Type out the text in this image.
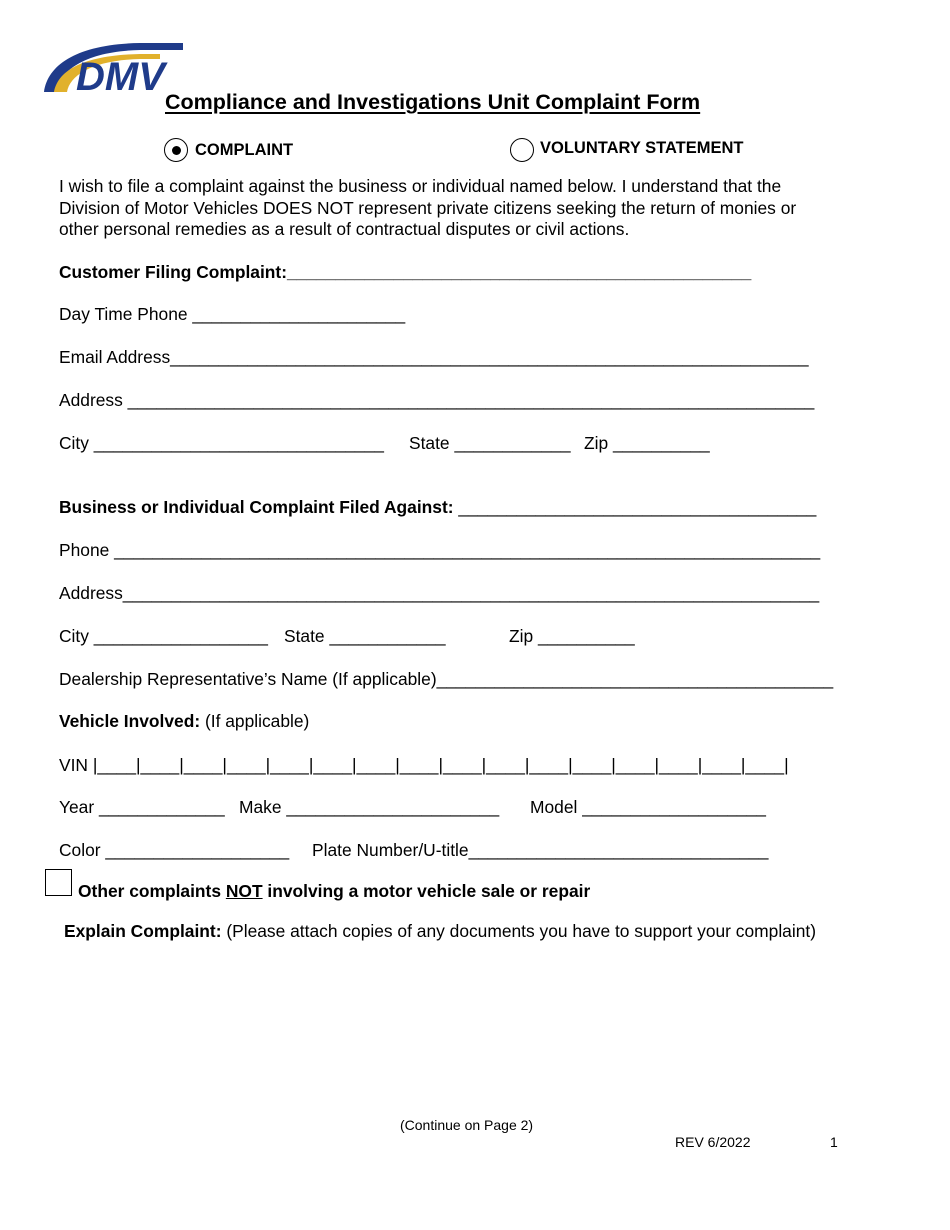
DMV
Compliance and Investigations Unit Complaint Form
COMPLAINT	VOLUNTARY STATEMENT
I wish to file a complaint against the business or individual named below. I understand that the
Division of Motor Vehicles DOES NOT represent private citizens seeking the return of monies or
other personal remedies as a result of contractual disputes or civil actions.
Customer Filing Complaint:________________________________________________
Day Time Phone ______________________
Email Address__________________________________________________________________
Address _______________________________________________________________________
City ______________________________ State ____________ Zip __________
Business or Individual Complaint Filed Against: _____________________________________
Phone _________________________________________________________________________
Address________________________________________________________________________
City __________________ State ____________	Zip __________
Dealership Representative’s Name (If applicable)_________________________________________
Vehicle Involved: (If applicable)
VIN |____|____|____|____|____|____|____|____|____|____|____|____|____|____|____|____|
Year _____________ Make ______________________ Model ___________________
Color ___________________ Plate Number/U-title_______________________________
Other complaints NOT involving a motor vehicle sale or repair
Explain Complaint: (Please attach copies of any documents you have to support your complaint)
(Continue on Page 2)
REV 6/2022	1
